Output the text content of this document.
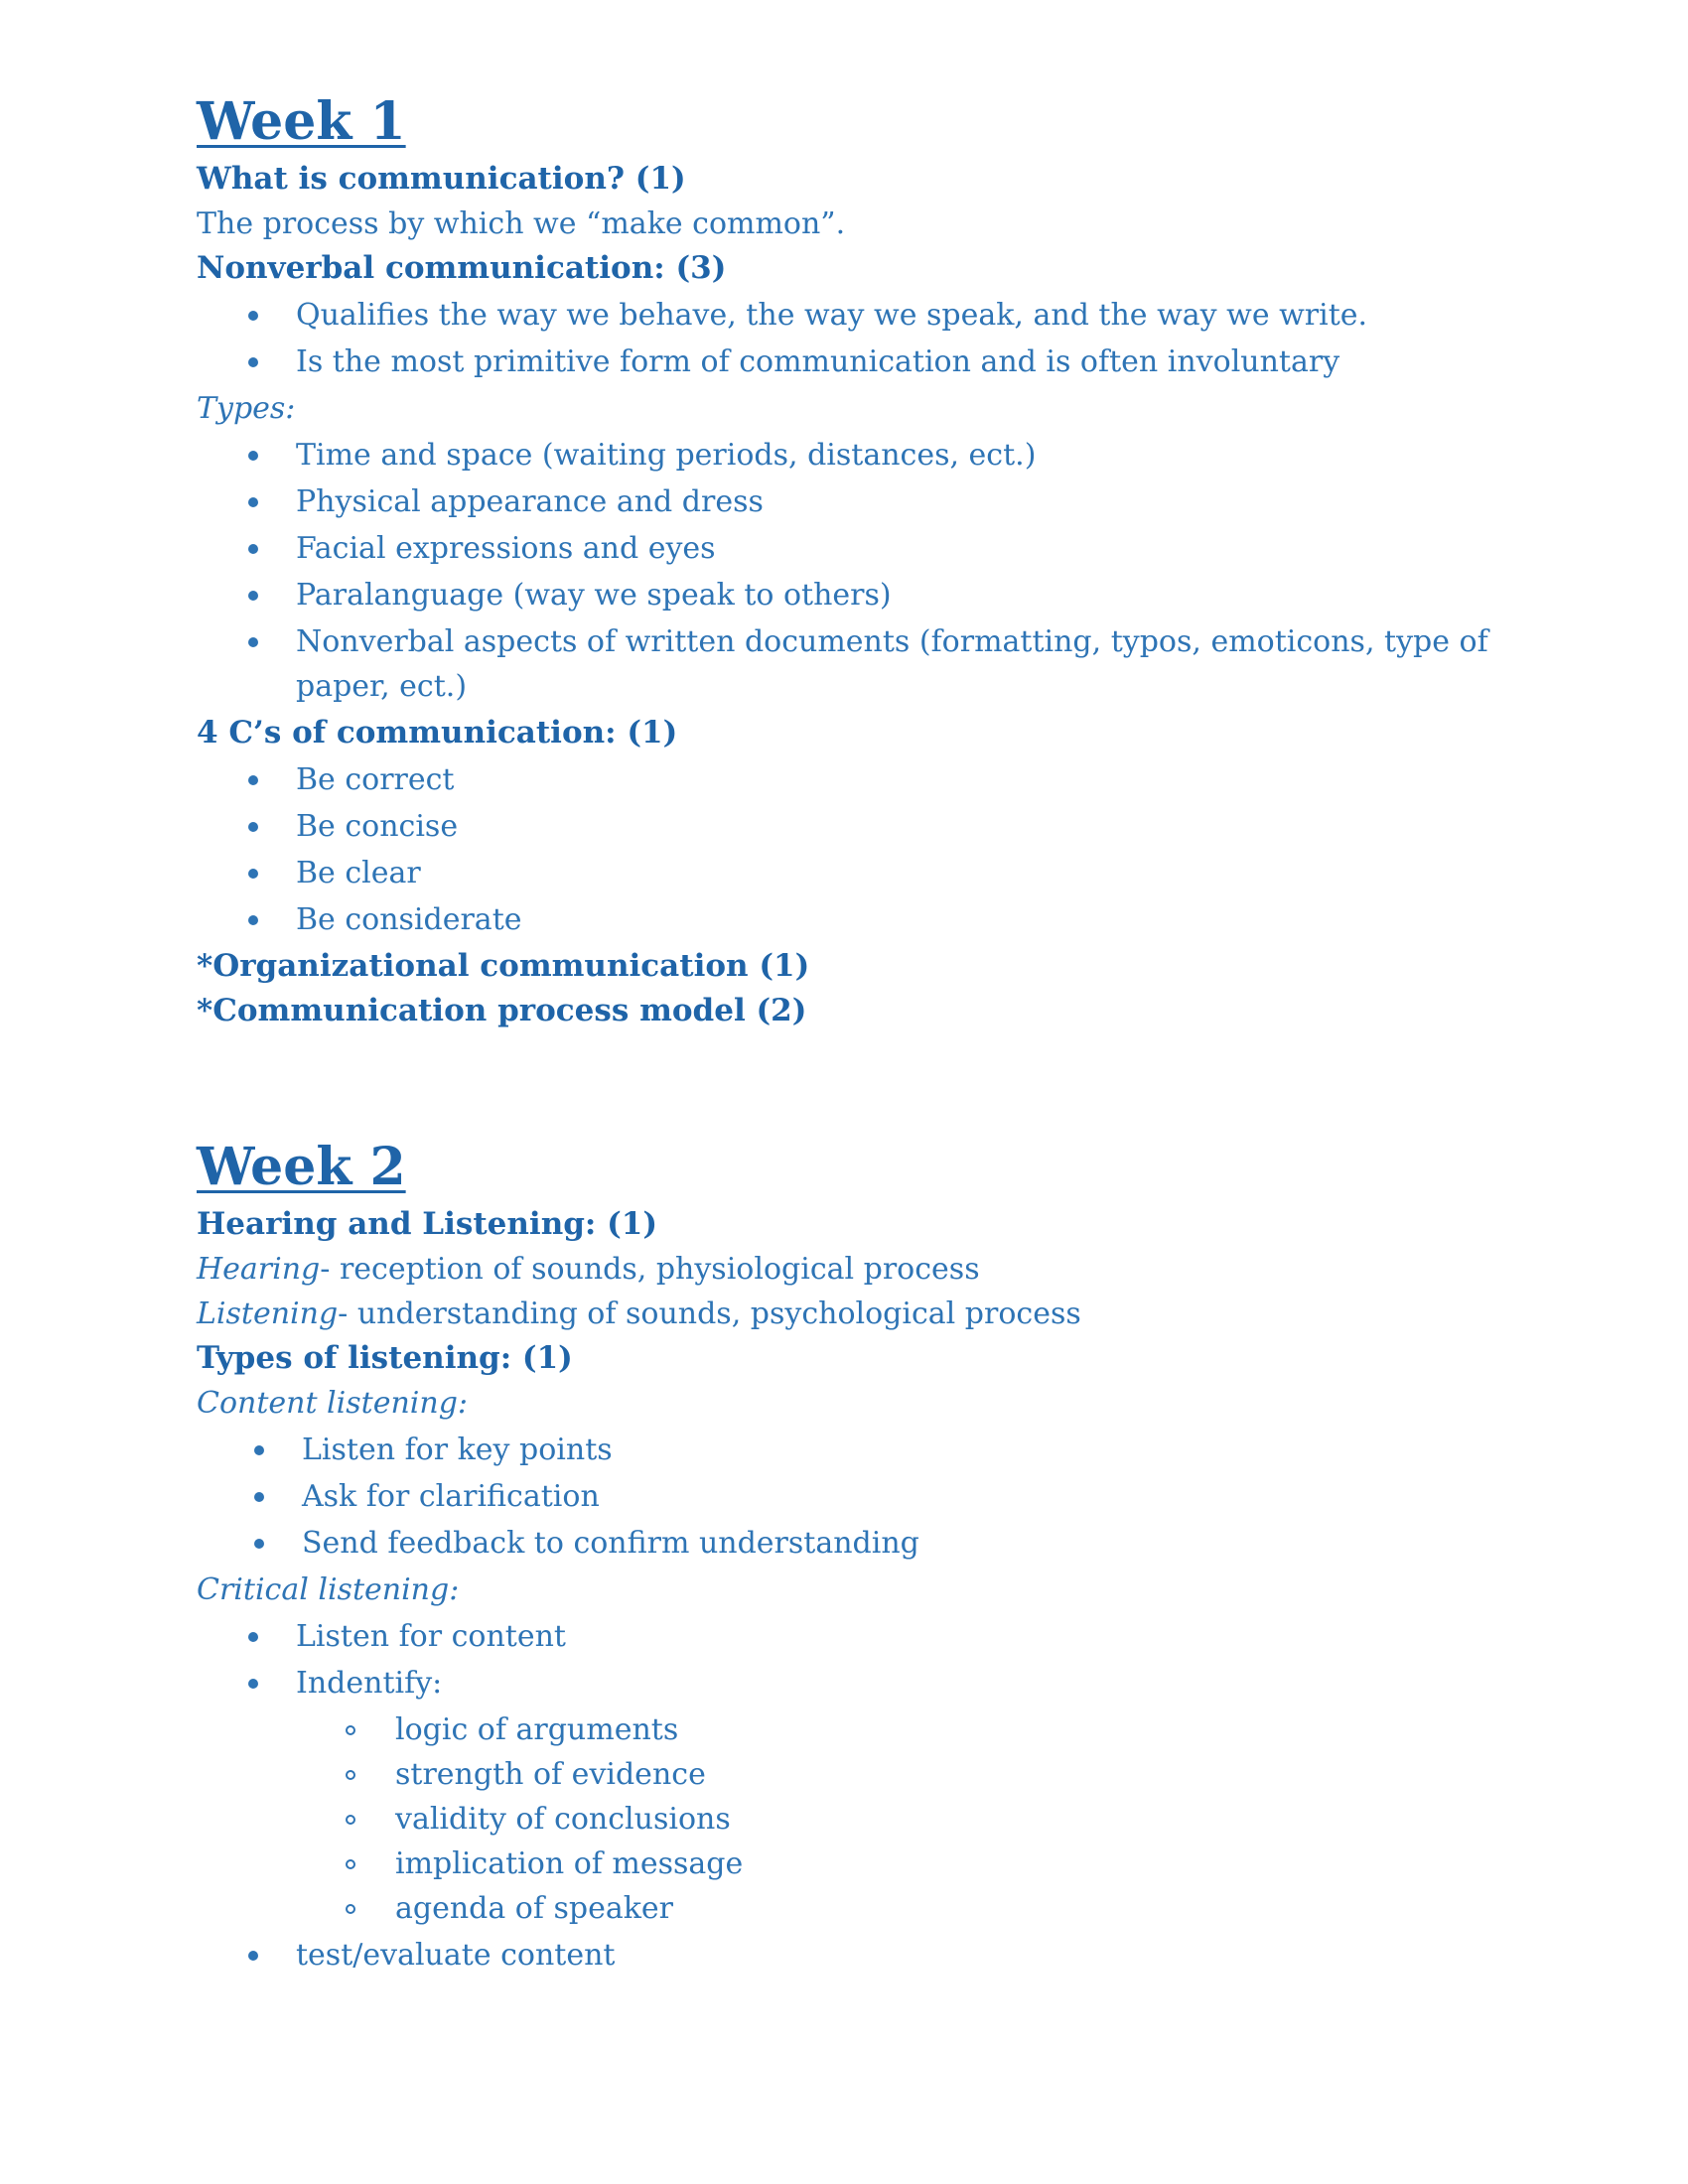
Week 1

What is communication? (1)

The process by which we “make common”.

Nonverbal communication: (3)

Qualifies the way we behave, the way we speak, and the way we write.
Is the most primitive form of communication and is often involuntary

Types:

Time and space (waiting periods, distances, ect.)
Physical appearance and dress
Facial expressions and eyes
Paralanguage (way we speak to others)
Nonverbal aspects of written documents (formatting, typos, emoticons, type of paper, ect.)

4 C’s of communication: (1)

Be correct
Be concise
Be clear
Be considerate

*Organizational communication (1)

*Communication process model (2)

Week 2

Hearing and Listening: (1)

Hearing- reception of sounds, physiological process

Listening- understanding of sounds, psychological process

Types of listening: (1)

Content listening:

Listen for key points
Ask for clarification
Send feedback to confirm understanding

Critical listening:

Listen for content
Indentify:
logic of arguments
strength of evidence
validity of conclusions
implication of message
agenda of speaker
test/evaluate content
